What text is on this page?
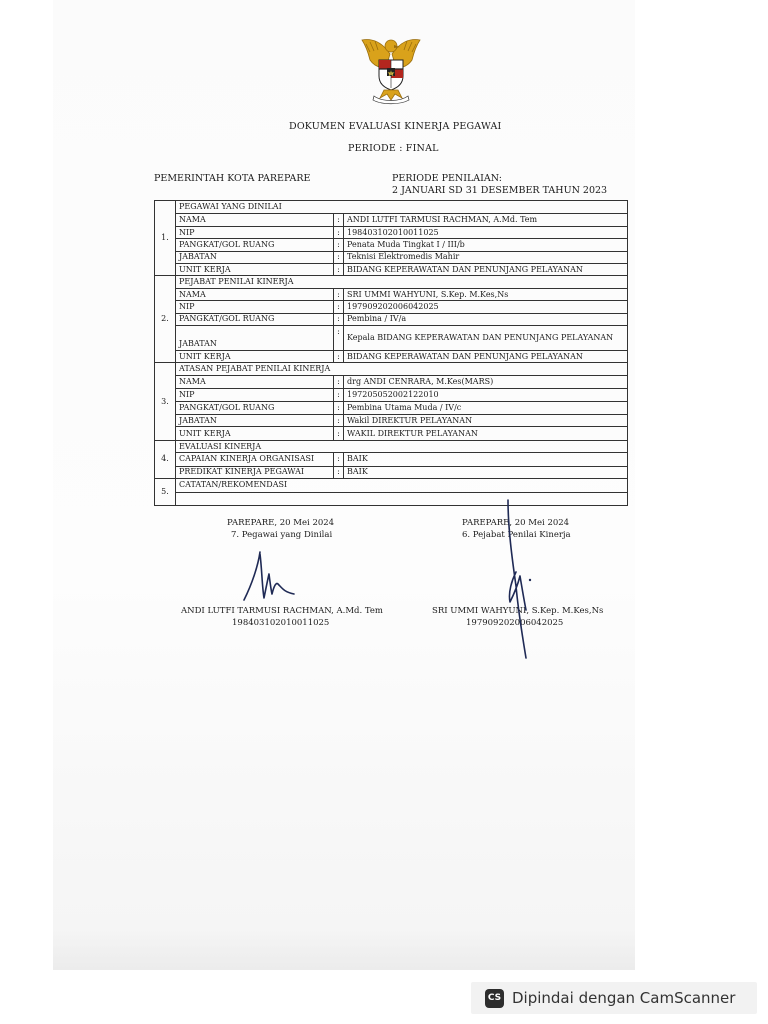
DOKUMEN EVALUASI KINERJA PEGAWAI
PERIODE : FINAL
PEMERINTAH KOTA PAREPARE	PERIODE PENILAIAN:
2 JANUARI SD 31 DESEMBER TAHUN 2023
1.	PEGAWAI YANG DINILAI		
	NAMA	:	ANDI LUTFI TARMUSI RACHMAN, A.Md. Tem
	NIP	:	198403102010011025
	PANGKAT/GOL RUANG	:	Penata Muda Tingkat I / III/b
	JABATAN	:	Teknisi Elektromedis Mahir
	UNIT KERJA	:	BIDANG KEPERAWATAN DAN PENUNJANG PELAYANAN
2.	PEJABAT PENILAI KINERJA		
	NAMA	:	SRI UMMI WAHYUNI, S.Kep. M.Kes,Ns
	NIP	:	197909202006042025
	PANGKAT/GOL RUANG	:	Pembina / IV/a
	JABATAN	:	Kepala BIDANG KEPERAWATAN DAN PENUNJANG PELAYANAN
	UNIT KERJA	:	BIDANG KEPERAWATAN DAN PENUNJANG PELAYANAN
3.	ATASAN PEJABAT PENILAI KINERJA		
	NAMA	:	drg ANDI CENRARA, M.Kes(MARS)
	NIP	:	197205052002122010
	PANGKAT/GOL RUANG	:	Pembina Utama Muda / IV/c
	JABATAN	:	Wakil DIREKTUR PELAYANAN
	UNIT KERJA	:	WAKIL DIREKTUR PELAYANAN
4.	EVALUASI KINERJA		
	CAPAIAN KINERJA ORGANISASI	:	BAIK
	PREDIKAT KINERJA PEGAWAI	:	BAIK
5.	CATATAN/REKOMENDASI		

PAREPARE, 20 Mei 2024
7. Pegawai yang Dinilai
ANDI LUTFI TARMUSI RACHMAN, A.Md. Tem
198403102010011025
PAREPARE, 20 Mei 2024
6. Pejabat Penilai Kinerja
SRI UMMI WAHYUNI, S.Kep. M.Kes,Ns
197909202006042025
CS Dipindai dengan CamScanner
